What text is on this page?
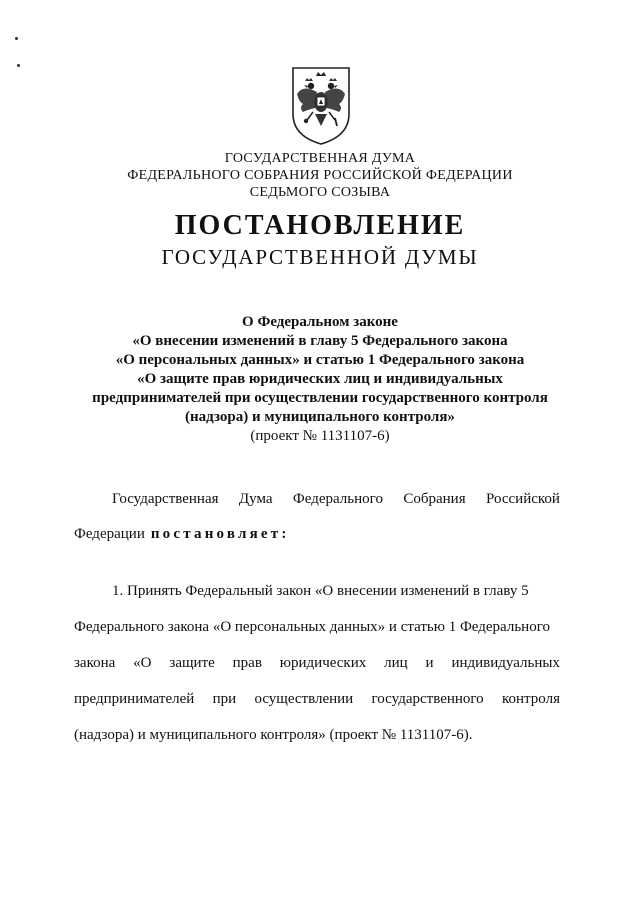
ГОСУДАРСТВЕННАЯ ДУМА
ФЕДЕРАЛЬНОГО СОБРАНИЯ РОССИЙСКОЙ ФЕДЕРАЦИИ
СЕДЬМОГО СОЗЫВА
ПОСТАНОВЛЕНИЕ
ГОСУДАРСТВЕННОЙ ДУМЫ
О Федеральном законе
«О внесении изменений в главу 5 Федерального закона
«О персональных данных» и статью 1 Федерального закона
«О защите прав юридических лиц и индивидуальных
предпринимателей при осуществлении государственного контроля
(надзора) и муниципального контроля»
(проект № 1131107-6)
Государственная Дума Федерального Собрания Российской
Федерации постановляет:
1. Принять Федеральный закон «О внесении изменений в главу 5
Федерального закона «О персональных данных» и статью 1 Федерального
закона «О защите прав юридических лиц и индивидуальных
предпринимателей при осуществлении государственного контроля
(надзора) и муниципального контроля» (проект № 1131107-6).
